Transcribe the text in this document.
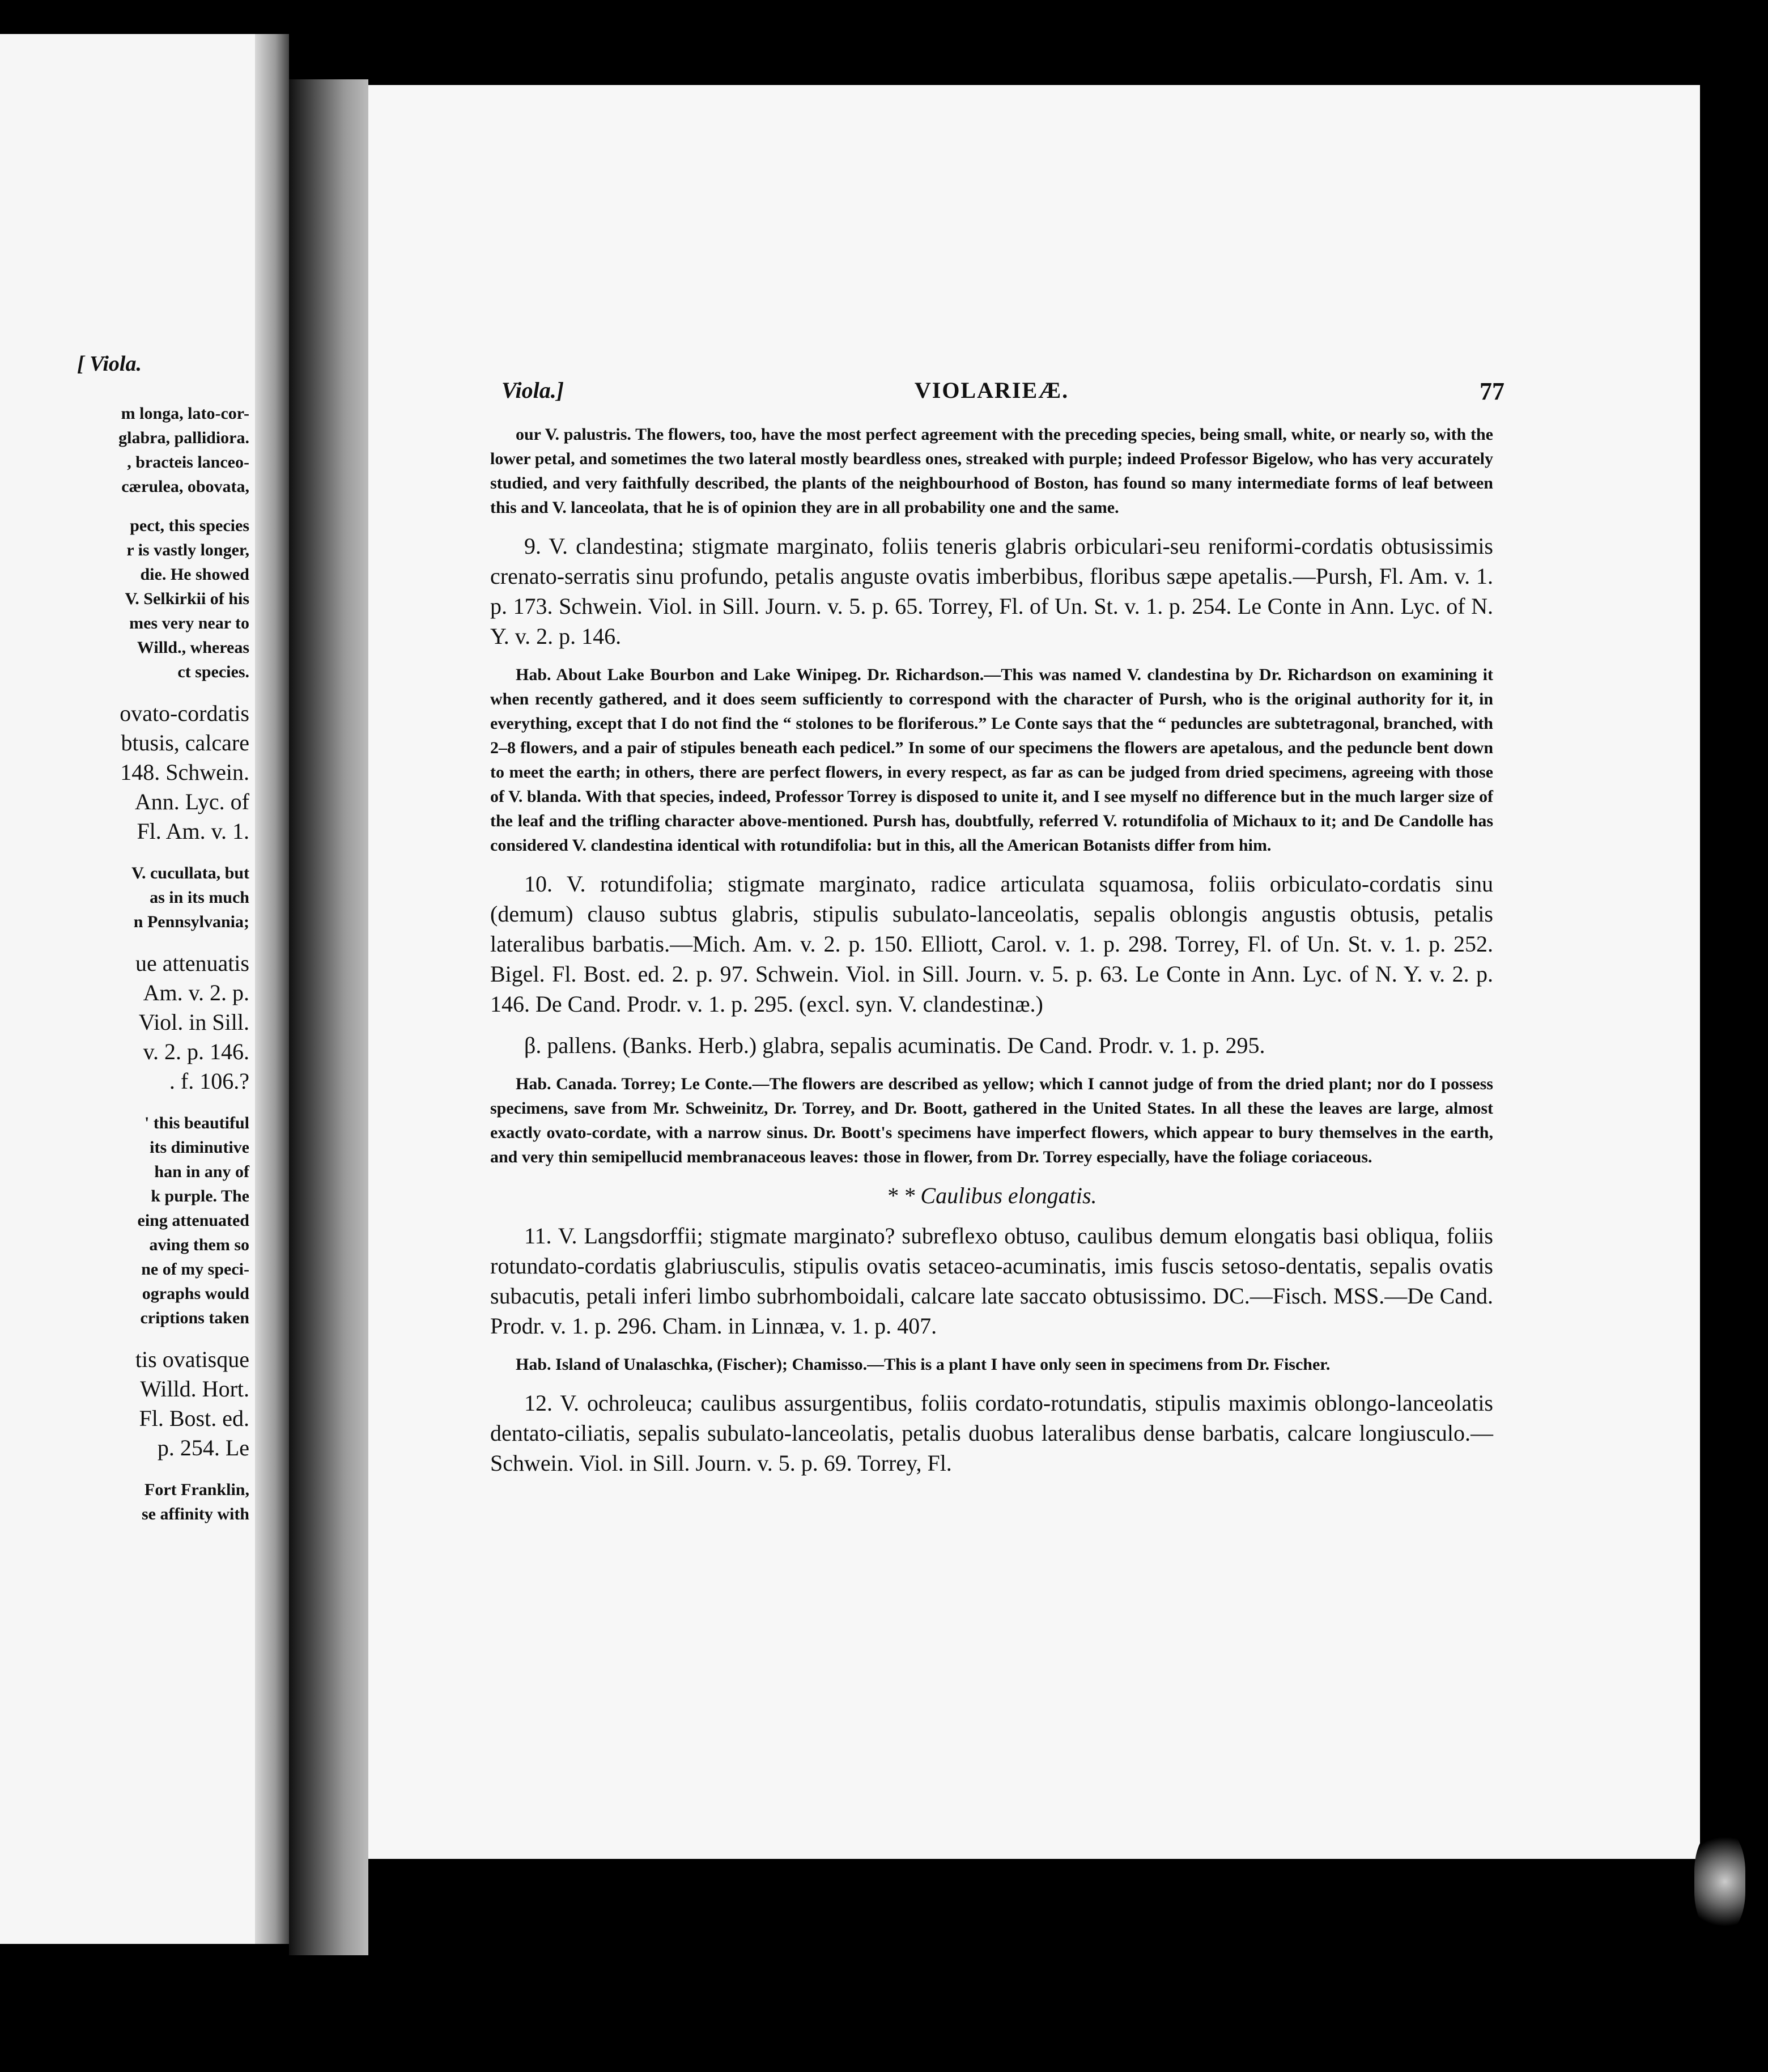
[ Viola.
m longa, lato-cor-
glabra, pallidiora.
, bracteis lanceo-
cærulea, obovata,
pect, this species
r is vastly longer,
die. He showed
V. Selkirkii of his
mes very near to
Willd., whereas
ct species.
ovato-cordatis
btusis, calcare
148. Schwein.
Ann. Lyc. of
Fl. Am. v. 1.
V. cucullata, but
as in its much
n Pennsylvania;
ue attenuatis
Am. v. 2. p.
Viol. in Sill.
v. 2. p. 146.
. f. 106.?
' this beautiful
its diminutive
han in any of
k purple. The
eing attenuated
aving them so
ne of my speci-
ographs would
criptions taken
tis ovatisque
Willd. Hort.
Fl. Bost. ed.
p. 254. Le
Fort Franklin,
se affinity with
Viola.]	VIOLARIEÆ.	77
our V. palustris. The flowers, too, have the most perfect agreement with the preceding species, being small, white, or nearly so, with the lower petal, and sometimes the two lateral mostly beardless ones, streaked with purple; indeed Professor Bigelow, who has very accurately studied, and very faithfully described, the plants of the neighbourhood of Boston, has found so many intermediate forms of leaf between this and V. lanceolata, that he is of opinion they are in all probability one and the same.
9. V. clandestina; stigmate marginato, foliis teneris glabris orbiculari-seu reniformi-cordatis obtusissimis crenato-serratis sinu profundo, petalis anguste ovatis imberbibus, floribus sæpe apetalis.—Pursh, Fl. Am. v. 1. p. 173. Schwein. Viol. in Sill. Journ. v. 5. p. 65. Torrey, Fl. of Un. St. v. 1. p. 254. Le Conte in Ann. Lyc. of N. Y. v. 2. p. 146.
Hab. About Lake Bourbon and Lake Winipeg. Dr. Richardson.—This was named V. clandestina by Dr. Richardson on examining it when recently gathered, and it does seem sufficiently to correspond with the character of Pursh, who is the original authority for it, in everything, except that I do not find the “ stolones to be floriferous.” Le Conte says that the “ peduncles are subtetragonal, branched, with 2–8 flowers, and a pair of stipules beneath each pedicel.” In some of our specimens the flowers are apetalous, and the peduncle bent down to meet the earth; in others, there are perfect flowers, in every respect, as far as can be judged from dried specimens, agreeing with those of V. blanda. With that species, indeed, Professor Torrey is disposed to unite it, and I see myself no difference but in the much larger size of the leaf and the trifling character above-mentioned. Pursh has, doubtfully, referred V. rotundifolia of Michaux to it; and De Candolle has considered V. clandestina identical with rotundifolia: but in this, all the American Botanists differ from him.
10. V. rotundifolia; stigmate marginato, radice articulata squamosa, foliis orbiculato-cordatis sinu (demum) clauso subtus glabris, stipulis subulato-lanceolatis, sepalis oblongis angustis obtusis, petalis lateralibus barbatis.—Mich. Am. v. 2. p. 150. Elliott, Carol. v. 1. p. 298. Torrey, Fl. of Un. St. v. 1. p. 252. Bigel. Fl. Bost. ed. 2. p. 97. Schwein. Viol. in Sill. Journ. v. 5. p. 63. Le Conte in Ann. Lyc. of N. Y. v. 2. p. 146. De Cand. Prodr. v. 1. p. 295. (excl. syn. V. clandestinæ.)
β. pallens. (Banks. Herb.) glabra, sepalis acuminatis. De Cand. Prodr. v. 1. p. 295.
Hab. Canada. Torrey; Le Conte.—The flowers are described as yellow; which I cannot judge of from the dried plant; nor do I possess specimens, save from Mr. Schweinitz, Dr. Torrey, and Dr. Boott, gathered in the United States. In all these the leaves are large, almost exactly ovato-cordate, with a narrow sinus. Dr. Boott's specimens have imperfect flowers, which appear to bury themselves in the earth, and very thin semipellucid membranaceous leaves: those in flower, from Dr. Torrey especially, have the foliage coriaceous.
* * Caulibus elongatis.
11. V. Langsdorffii; stigmate marginato? subreflexo obtuso, caulibus demum elongatis basi obliqua, foliis rotundato-cordatis glabriusculis, stipulis ovatis setaceo-acuminatis, imis fuscis setoso-dentatis, sepalis ovatis subacutis, petali inferi limbo subrhomboidali, calcare late saccato obtusissimo. DC.—Fisch. MSS.—De Cand. Prodr. v. 1. p. 296. Cham. in Linnæa, v. 1. p. 407.
Hab. Island of Unalaschka, (Fischer); Chamisso.—This is a plant I have only seen in specimens from Dr. Fischer.
12. V. ochroleuca; caulibus assurgentibus, foliis cordato-rotundatis, stipulis maximis oblongo-lanceolatis dentato-ciliatis, sepalis subulato-lanceolatis, petalis duobus lateralibus dense barbatis, calcare longiusculo.—Schwein. Viol. in Sill. Journ. v. 5. p. 69. Torrey, Fl.
